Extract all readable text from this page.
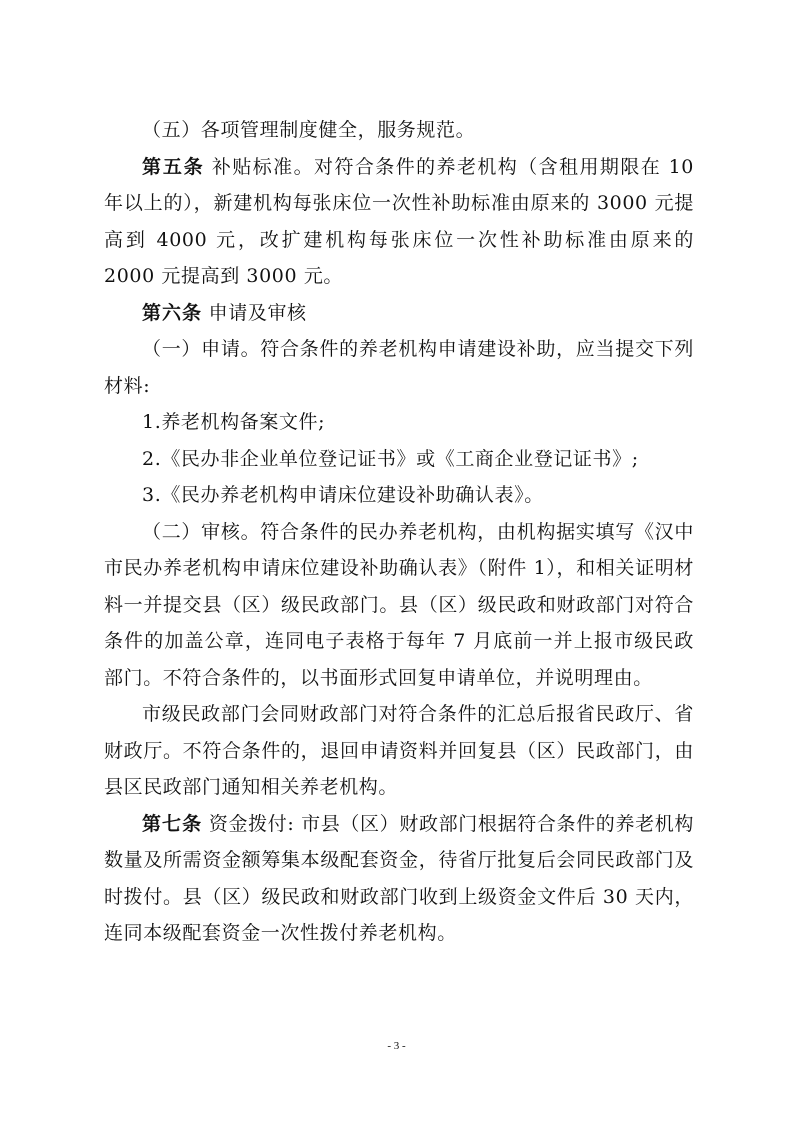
（五）各项管理制度健全，服务规范。

第五条 补贴标准。对符合条件的养老机构（含租用期限在 10 年以上的），新建机构每张床位一次性补助标准由原来的 3000 元提高到 4000 元，改扩建机构每张床位一次性补助标准由原来的 2000 元提高到 3000 元。

第六条 申请及审核

（一）申请。符合条件的养老机构申请建设补助，应当提交下列材料:

1.养老机构备案文件;

2.《民办非企业单位登记证书》或《工商企业登记证书》;

3.《民办养老机构申请床位建设补助确认表》。

（二）审核。符合条件的民办养老机构，由机构据实填写《汉中市民办养老机构申请床位建设补助确认表》（附件 1），和相关证明材料一并提交县（区）级民政部门。县（区）级民政和财政部门对符合条件的加盖公章，连同电子表格于每年 7 月底前一并上报市级民政部门。不符合条件的，以书面形式回复申请单位，并说明理由。

市级民政部门会同财政部门对符合条件的汇总后报省民政厅、省财政厅。不符合条件的，退回申请资料并回复县（区）民政部门，由县区民政部门通知相关养老机构。

第七条 资金拨付: 市县（区）财政部门根据符合条件的养老机构数量及所需资金额筹集本级配套资金，待省厅批复后会同民政部门及时拨付。县（区）级民政和财政部门收到上级资金文件后 30 天内，连同本级配套资金一次性拨付养老机构。

- 3 -
